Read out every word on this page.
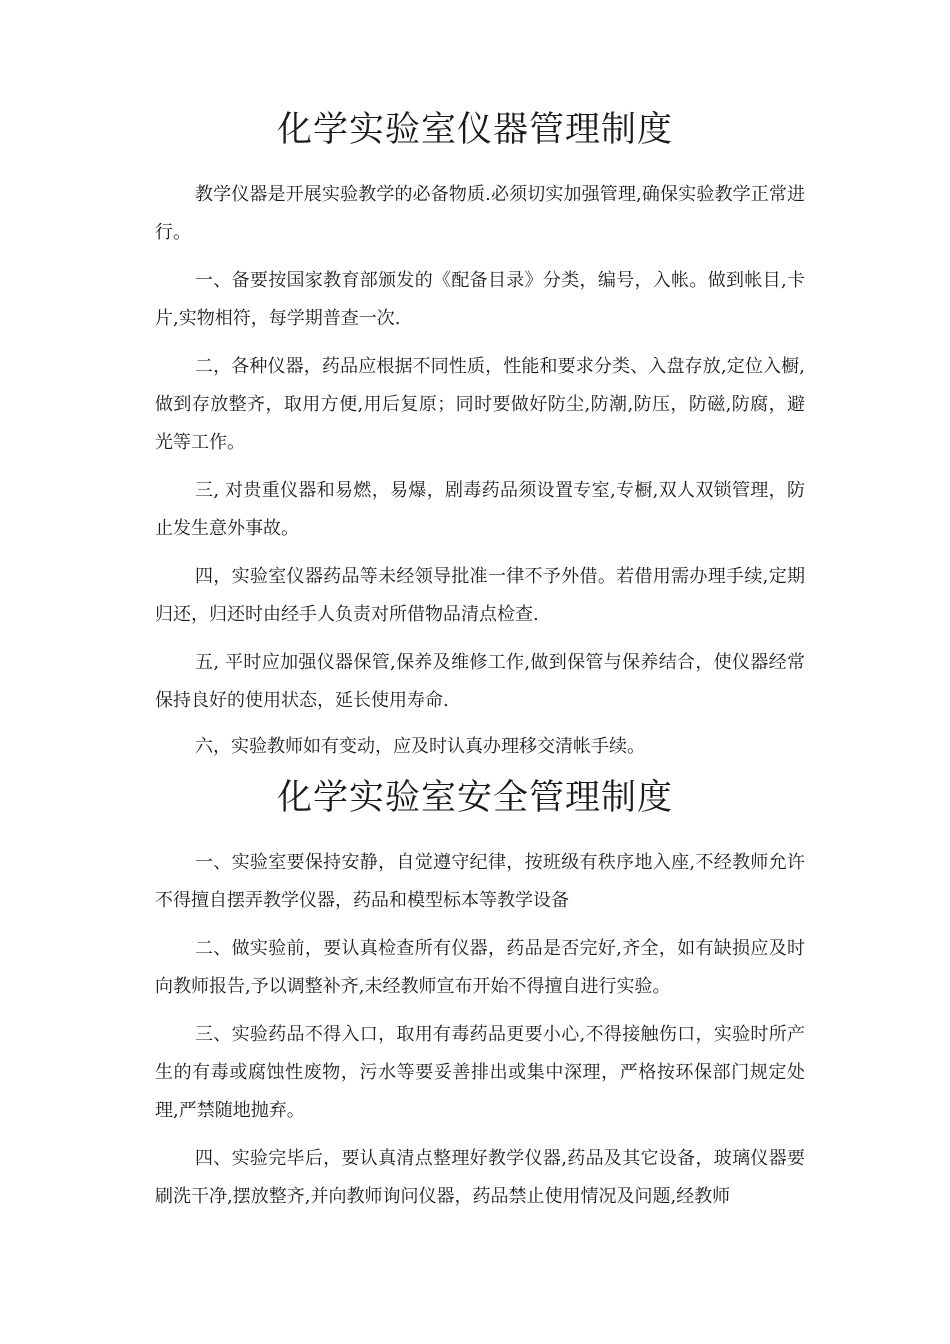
化学实验室仪器管理制度

教学仪器是开展实验教学的必备物质.必须切实加强管理,确保实验教学正常进行。

一、备要按国家教育部颁发的《配备目录》分类，编号，入帐。做到帐目,卡片,实物相符，每学期普查一次.

二，各种仪器，药品应根据不同性质，性能和要求分类、入盘存放,定位入橱,做到存放整齐，取用方便,用后复原；同时要做好防尘,防潮,防压，防磁,防腐，避光等工作。

三, 对贵重仪器和易燃，易爆，剧毒药品须设置专室,专橱,双人双锁管理，防止发生意外事故。

四，实验室仪器药品等未经领导批准一律不予外借。若借用需办理手续,定期归还，归还时由经手人负责对所借物品清点检查.

五, 平时应加强仪器保管,保养及维修工作,做到保管与保养结合，使仪器经常保持良好的使用状态，延长使用寿命.

六，实验教师如有变动，应及时认真办理移交清帐手续。

化学实验室安全管理制度

一、实验室要保持安静，自觉遵守纪律，按班级有秩序地入座,不经教师允许不得擅自摆弄教学仪器，药品和模型标本等教学设备

二、做实验前，要认真检查所有仪器，药品是否完好,齐全，如有缺损应及时向教师报告,予以调整补齐,未经教师宣布开始不得擅自进行实验。

三、实验药品不得入口，取用有毒药品更要小心,不得接触伤口，实验时所产生的有毒或腐蚀性废物，污水等要妥善排出或集中深理，严格按环保部门规定处理,严禁随地抛弃。

四、实验完毕后，要认真清点整理好教学仪器,药品及其它设备，玻璃仪器要刷洗干净,摆放整齐,并向教师询问仪器，药品禁止使用情况及问题,经教师
